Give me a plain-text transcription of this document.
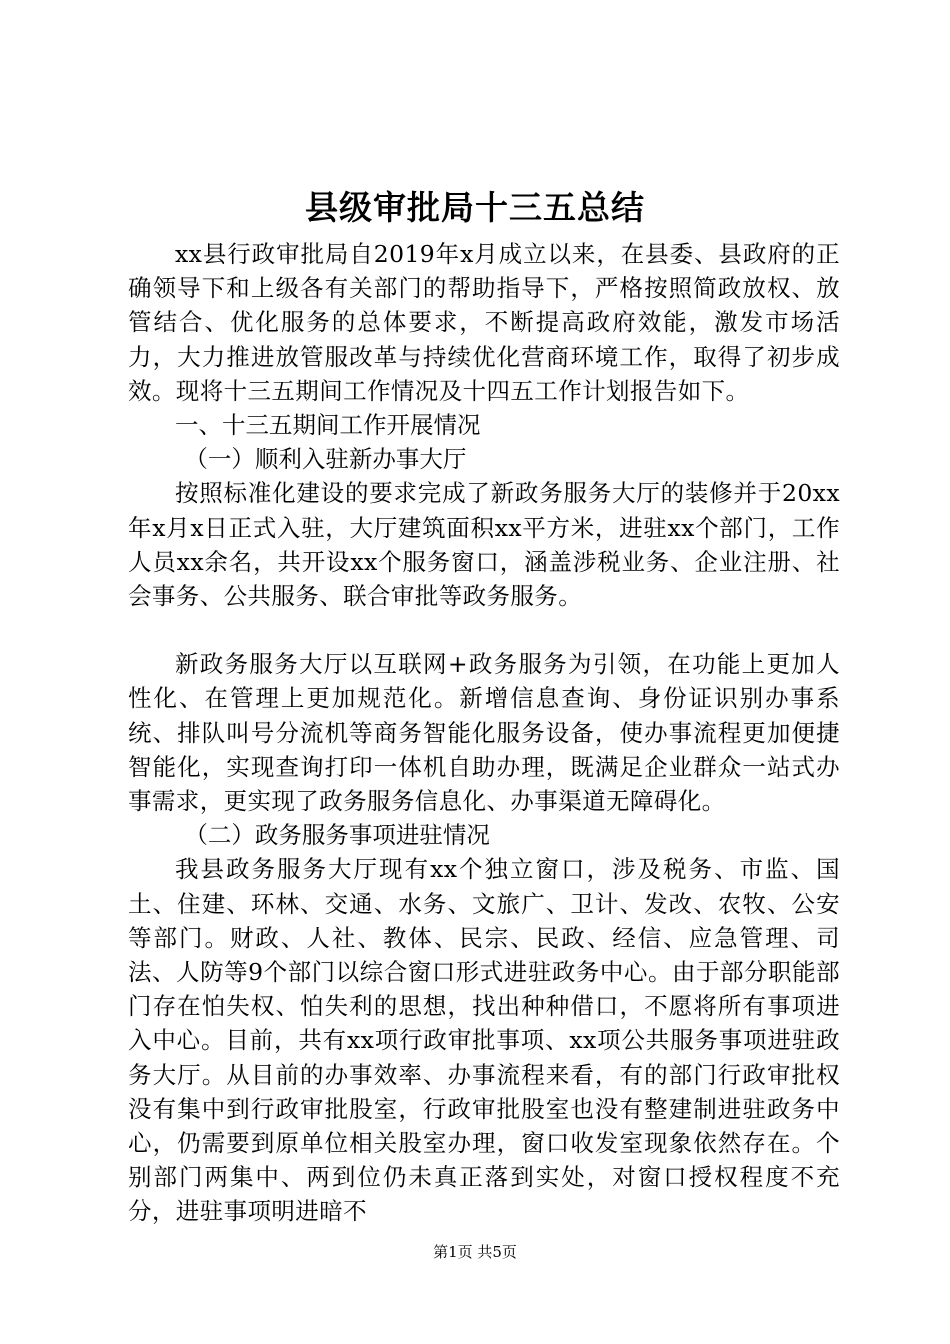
县级审批局十三五总结

xx县行政审批局自2019年x月成立以来，在县委、县政府的正确领导下和上级各有关部门的帮助指导下，严格按照简政放权、放管结合、优化服务的总体要求，不断提高政府效能，激发市场活力，大力推进放管服改革与持续优化营商环境工作，取得了初步成效。现将十三五期间工作情况及十四五工作计划报告如下。

一、十三五期间工作开展情况

（一）顺利入驻新办事大厅

按照标准化建设的要求完成了新政务服务大厅的装修并于20xx年x月x日正式入驻，大厅建筑面积xx平方米，进驻xx个部门，工作人员xx余名，共开设xx个服务窗口，涵盖涉税业务、企业注册、社会事务、公共服务、联合审批等政务服务。

新政务服务大厅以互联网+政务服务为引领，在功能上更加人性化、在管理上更加规范化。新增信息查询、身份证识别办事系统、排队叫号分流机等商务智能化服务设备，使办事流程更加便捷智能化，实现查询打印一体机自助办理，既满足企业群众一站式办事需求，更实现了政务服务信息化、办事渠道无障碍化。

（二）政务服务事项进驻情况

我县政务服务大厅现有xx个独立窗口，涉及税务、市监、国土、住建、环林、交通、水务、文旅广、卫计、发改、农牧、公安等部门。财政、人社、教体、民宗、民政、经信、应急管理、司法、人防等9个部门以综合窗口形式进驻政务中心。由于部分职能部门存在怕失权、怕失利的思想，找出种种借口，不愿将所有事项进入中心。目前，共有xx项行政审批事项、xx项公共服务事项进驻政务大厅。从目前的办事效率、办事流程来看，有的部门行政审批权没有集中到行政审批股室，行政审批股室也没有整建制进驻政务中心，仍需要到原单位相关股室办理，窗口收发室现象依然存在。个别部门两集中、两到位仍未真正落到实处，对窗口授权程度不充分，进驻事项明进暗不

第1页 共5页
